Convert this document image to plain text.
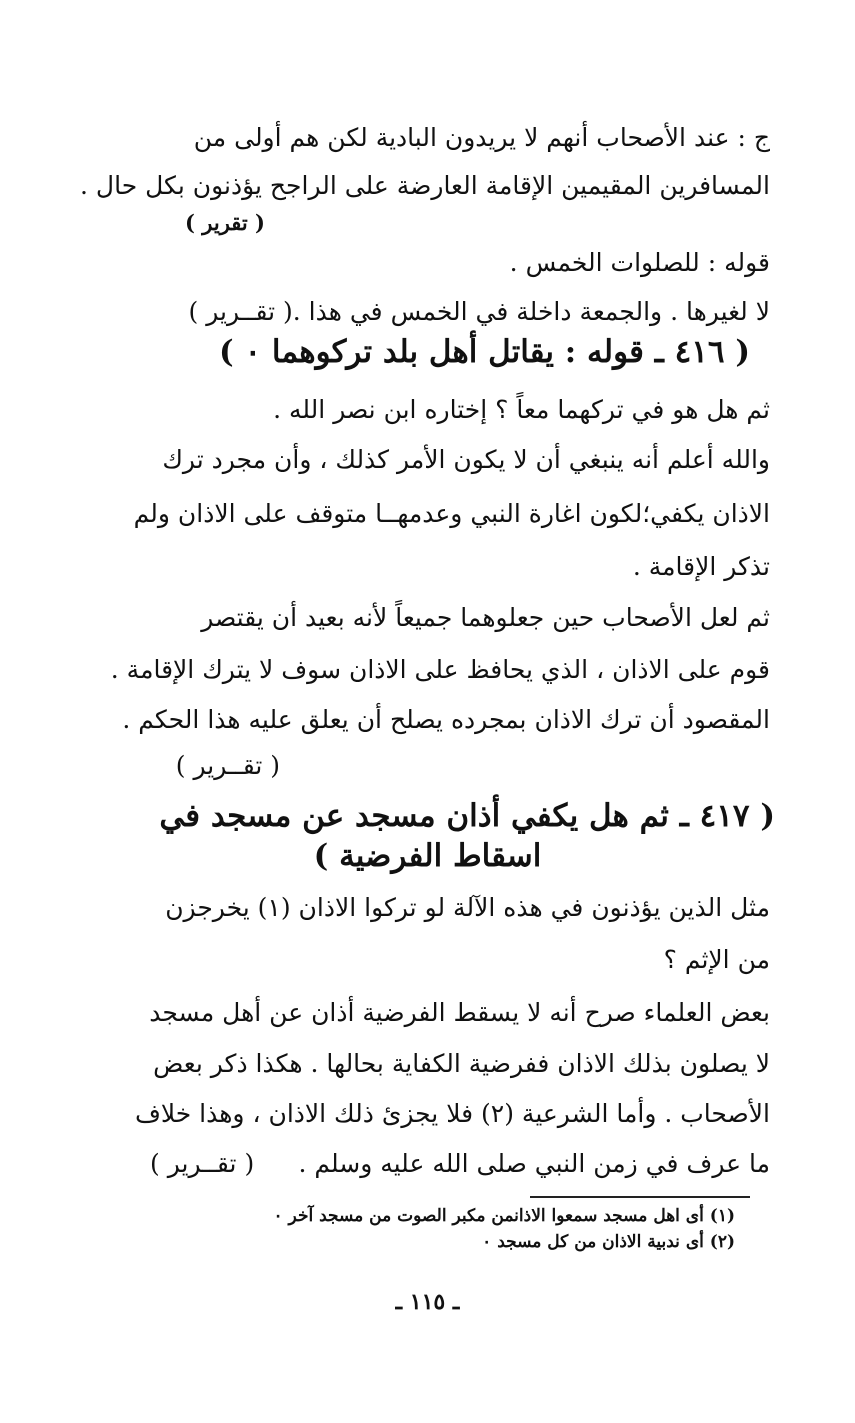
ج : عند الأصحاب أنهم لا يريدون البادية لكن هم أولى من
المسافرين المقيمين الإقامة العارضة على الراجح يؤذنون بكل حال .
( تقرير )
قوله : للصلوات الخمس .
لا لغيرها . والجمعة داخلة في الخمس في هذا .( تقــرير )
( ٤١٦ ـ قوله : يقاتل أهل بلد تركوهما ٠ )
ثم هل هو في تركهما معاً ؟ إختاره ابن نصر الله .
والله أعلم أنه ينبغي أن لا يكون الأمر كذلك ، وأن مجرد ترك
الاذان يكفي؛لكون اغارة النبي وعدمهــا متوقف على الاذان ولم
تذكر الإقامة .
ثم لعل الأصحاب حين جعلوهما جميعاً لأنه بعيد أن يقتصر
قوم على الاذان ، الذي يحافظ على الاذان سوف لا يترك الإقامة .
المقصود أن ترك الاذان بمجرده يصلح أن يعلق عليه هذا الحكم .
( تقــرير )
( ٤١٧ ـ ثم هل يكفي أذان مسجد عن مسجد في
اسقاط الفرضية )
مثل الذين يؤذنون في هذه الآلة لو تركوا الاذان (١) يخرجزن
من الإثم ؟
بعض العلماء صرح أنه لا يسقط الفرضية أذان عن أهل مسجد
لا يصلون بذلك الاذان ففرضية الكفاية بحالها . هكذا ذكر بعض
الأصحاب . وأما الشرعية (٢) فلا يجزئ ذلك الاذان ، وهذا خلاف
ما عرف في زمن النبي صلى الله عليه وسلم .
( تقــرير )
(١) أى اهل مسجد سمعوا الاذانمن مكبر الصوت من مسجد آخر ٠
(٢) أى ندبية الاذان من كل مسجد ٠
ـ ١١٥ ـ
